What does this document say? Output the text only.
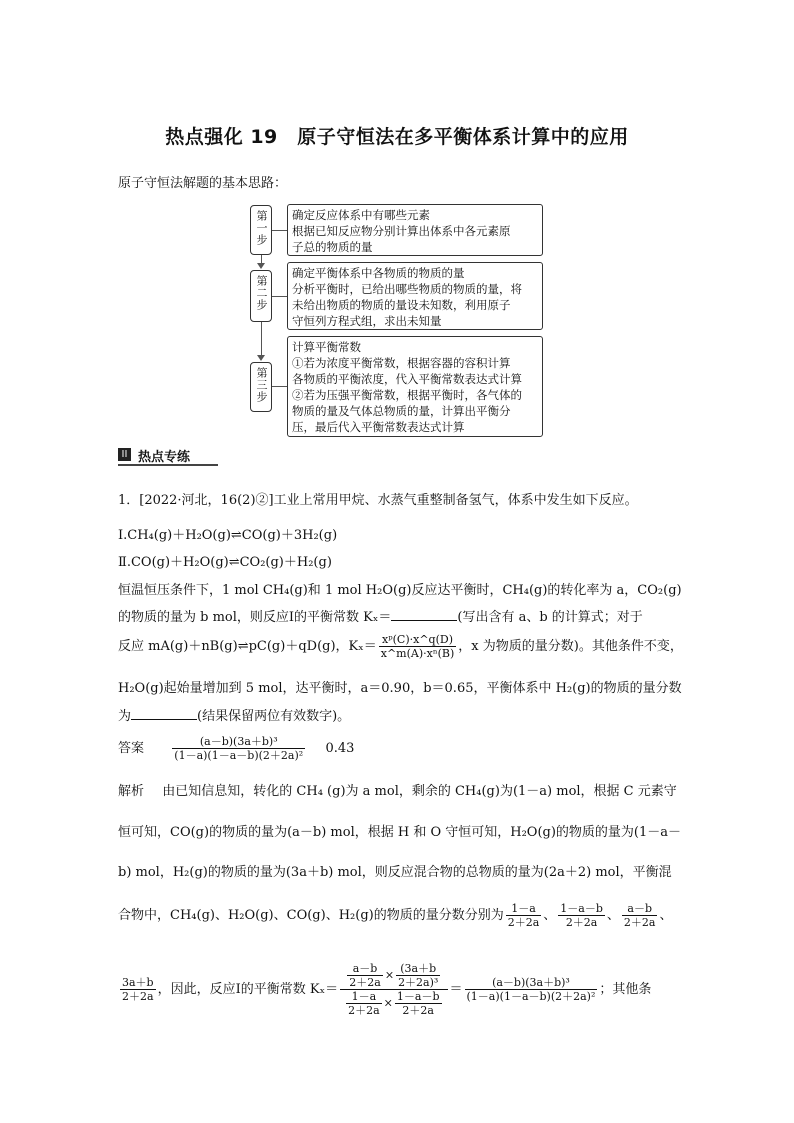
热点强化 19　原子守恒法在多平衡体系计算中的应用
原子守恒法解题的基本思路：
第一步	确定反应体系中有哪些元素
根据已知反应物分别计算出体系中各元素原
子总的物质的量
第二步
确定平衡体系中各物质的物质的量
分析平衡时，已给出哪些物质的物质的量，将
未给出物质的物质的量设未知数，利用原子
守恒列方程式组，求出未知量
第三步
计算平衡常数
①若为浓度平衡常数，根据容器的容积计算
各物质的平衡浓度，代入平衡常数表达式计算
②若为压强平衡常数，根据平衡时，各气体的
物质的量及气体总物质的量，计算出平衡分
压，最后代入平衡常数表达式计算
II 热点专练
1．[2022·河北，16(2)②]工业上常用甲烷、水蒸气重整制备氢气，体系中发生如下反应。
Ⅰ.CH₄(g)＋H₂O(g)⇌CO(g)＋3H₂(g)
Ⅱ.CO(g)＋H₂O(g)⇌CO₂(g)＋H₂(g)
恒温恒压条件下，1 mol CH₄(g)和 1 mol H₂O(g)反应达平衡时，CH₄(g)的转化率为 a，CO₂(g)
的物质的量为 b mol，则反应Ⅰ的平衡常数 Kₓ＝	(写出含有 a、b 的计算式；对于
反应 mA(g)＋nB(g)⇌pC(g)＋qD(g)，$K_x= \frac{\text{xᵖ(C)·x\textasciicircum{}q(D)}}{\text{x\textasciicircum{}m(A)·xⁿ(B)}}$ ，x 为物质的量分数)。其他条件不变，
H₂O(g)起始量增加到 5 mol，达平衡时，a＝0.90，b＝0.65，平衡体系中 H₂(g)的物质的量分数
为	(结果保留两位有效数字)。
答案	$\frac{\text{(a－b)(3a＋b)³}}{\text{(1－a)(1－a－b)(2＋2a)²}} 0.43$
解析 由已知信息知，转化的 CH₄ (g)为 a mol，剩余的 CH₄(g)为(1－a) mol，根据 C 元素守
恒可知，CO(g)的物质的量为(a－b) mol，根据 H 和 O 守恒可知，H₂O(g)的物质的量为(1－a－
b) mol，H₂(g)的物质的量为(3a＋b) mol，则反应混合物的总物质的量为(2a＋2) mol，平衡混
合物中，CH₄(g)、H₂O(g)、CO(g)、H₂(g)的物质的量分数分别为 $\frac{1-a}{2+2a}$ 、 $\frac{1-a-b}{2+2a}$ 、 $\frac{a-b}{2+2a}$ 、
$\frac{3a+b}{2+2a}$ ，因此，反应Ⅰ的平衡常数 $K_x= \frac{\frac{a-b}{2+2a} \times \frac{(3a+b}{\text{2＋2a)³}}}{\frac{1-a}{2+2a} \times \frac{1-a-b}{2+2a}} = \frac{\text{(a－b)(3a＋b)³}}{\text{(1－a)(1－a－b)(2＋2a)²}}$ ；其他条
